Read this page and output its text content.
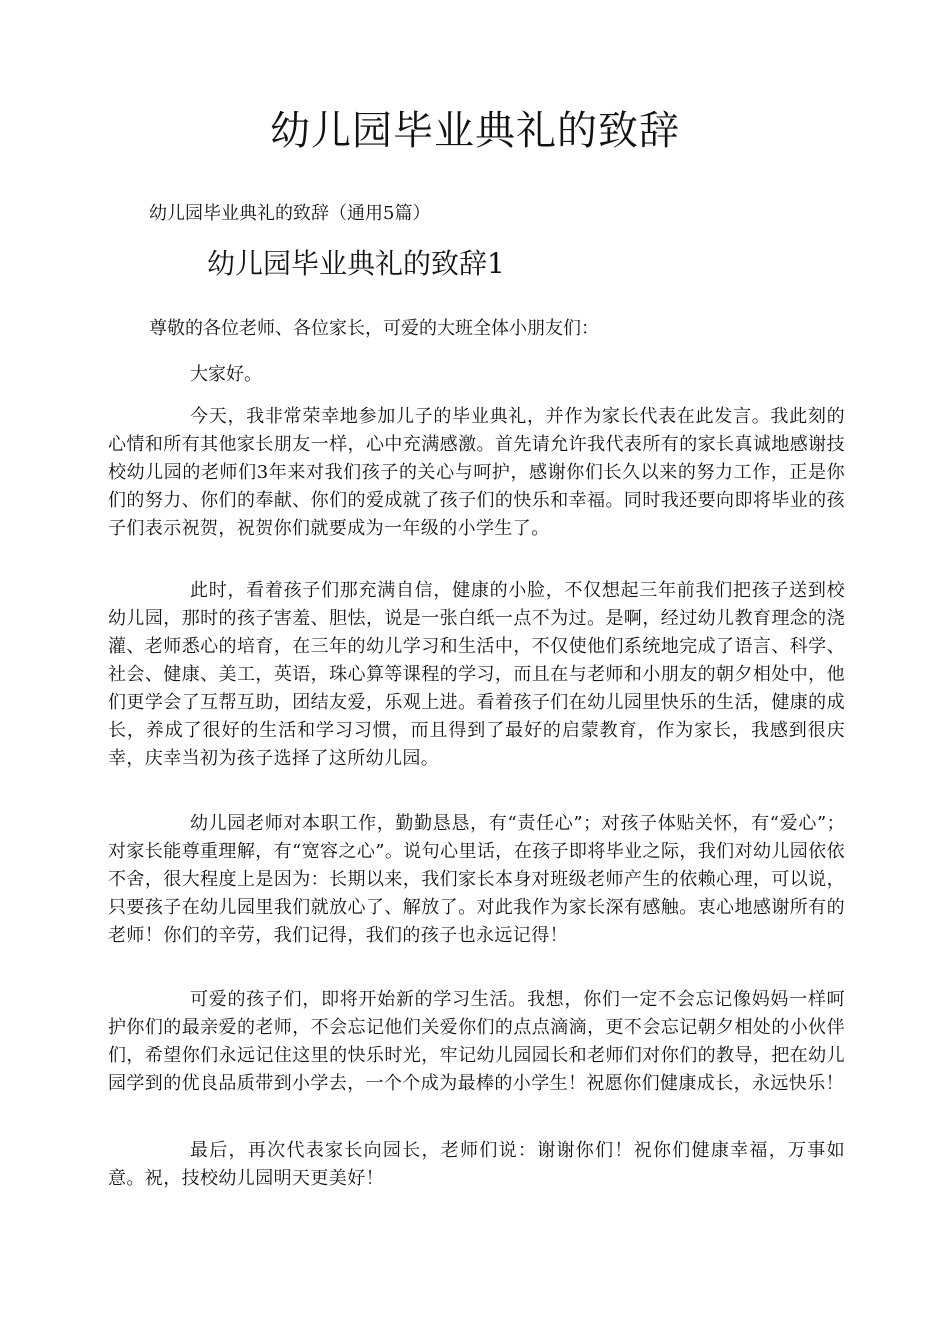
幼儿园毕业典礼的致辞

幼儿园毕业典礼的致辞（通用5篇）

幼儿园毕业典礼的致辞1

尊敬的各位老师、各位家长，可爱的大班全体小朋友们：

大家好。

今天，我非常荣幸地参加儿子的毕业典礼，并作为家长代表在此发言。我此刻的心情和所有其他家长朋友一样，心中充满感激。首先请允许我代表所有的家长真诚地感谢技校幼儿园的老师们3年来对我们孩子的关心与呵护，感谢你们长久以来的努力工作，正是你们的努力、你们的奉献、你们的爱成就了孩子们的快乐和幸福。同时我还要向即将毕业的孩子们表示祝贺，祝贺你们就要成为一年级的小学生了。

此时，看着孩子们那充满自信，健康的小脸，不仅想起三年前我们把孩子送到校幼儿园，那时的孩子害羞、胆怯，说是一张白纸一点不为过。是啊，经过幼儿教育理念的浇灌、老师悉心的培育，在三年的幼儿学习和生活中，不仅使他们系统地完成了语言、科学、社会、健康、美工，英语，珠心算等课程的学习，而且在与老师和小朋友的朝夕相处中，他们更学会了互帮互助，团结友爱，乐观上进。看着孩子们在幼儿园里快乐的生活，健康的成长，养成了很好的生活和学习习惯，而且得到了最好的启蒙教育，作为家长，我感到很庆幸，庆幸当初为孩子选择了这所幼儿园。

幼儿园老师对本职工作，勤勤恳恳，有“责任心”；对孩子体贴关怀，有“爱心”；对家长能尊重理解，有“宽容之心”。说句心里话，在孩子即将毕业之际，我们对幼儿园依依不舍，很大程度上是因为：长期以来，我们家长本身对班级老师产生的依赖心理，可以说，只要孩子在幼儿园里我们就放心了、解放了。对此我作为家长深有感触。衷心地感谢所有的老师！你们的辛劳，我们记得，我们的孩子也永远记得！

可爱的孩子们，即将开始新的学习生活。我想，你们一定不会忘记像妈妈一样呵护你们的最亲爱的老师，不会忘记他们关爱你们的点点滴滴，更不会忘记朝夕相处的小伙伴们，希望你们永远记住这里的快乐时光，牢记幼儿园园长和老师们对你们的教导，把在幼儿园学到的优良品质带到小学去，一个个成为最棒的小学生！祝愿你们健康成长，永远快乐！

最后，再次代表家长向园长，老师们说：谢谢你们！祝你们健康幸福，万事如意。祝，技校幼儿园明天更美好！
